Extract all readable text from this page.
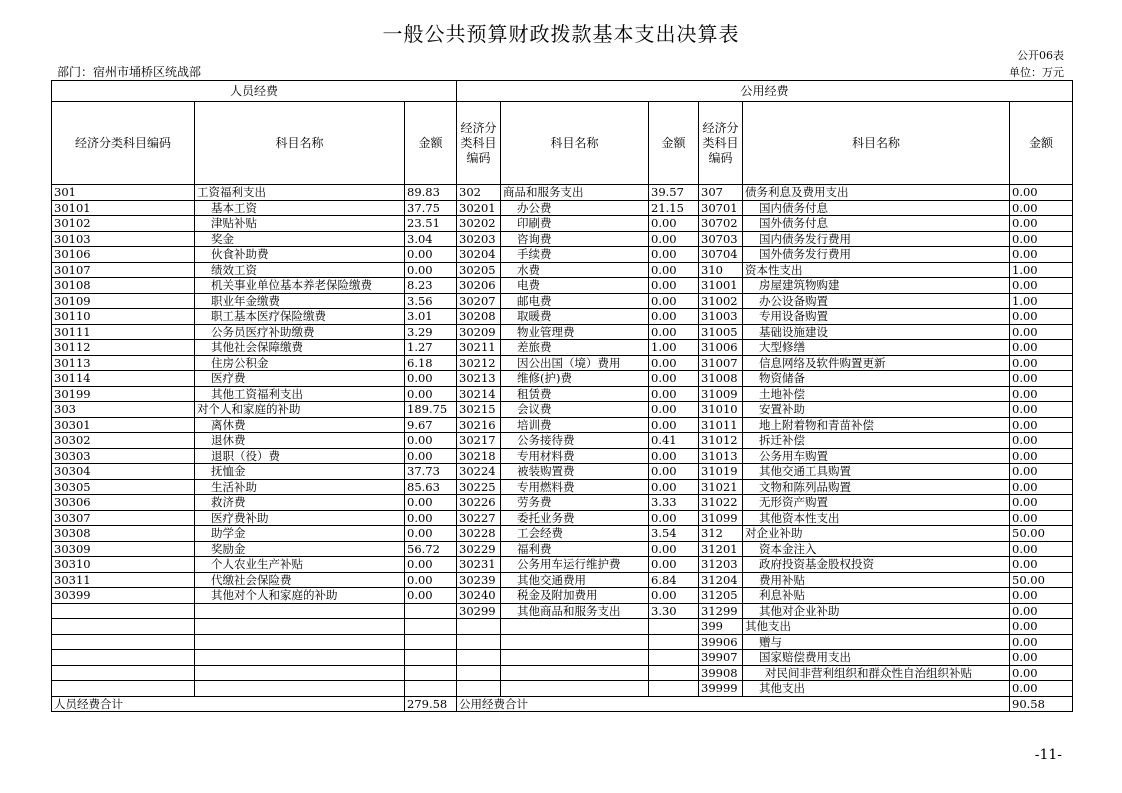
一般公共预算财政拨款基本支出决算表
公开06表
部门：宿州市埇桥区统战部	单位：万元
人员经费			公用经费					
经济分类科目编码	科目名称	金额	经济分类科目编码	科目名称	金额	经济分类科目编码	科目名称	金额
301	工资福利支出	89.83	302	商品和服务支出	39.57	307	债务利息及费用支出	0.00
30101	基本工资	37.75	30201	办公费	21.15	30701	国内债务付息	0.00
30102	津贴补贴	23.51	30202	印刷费	0.00	30702	国外债务付息	0.00
30103	奖金	3.04	30203	咨询费	0.00	30703	国内债务发行费用	0.00
30106	伙食补助费	0.00	30204	手续费	0.00	30704	国外债务发行费用	0.00
30107	绩效工资	0.00	30205	水费	0.00	310	资本性支出	1.00
30108	机关事业单位基本养老保险缴费	8.23	30206	电费	0.00	31001	房屋建筑物购建	0.00
30109	职业年金缴费	3.56	30207	邮电费	0.00	31002	办公设备购置	1.00
30110	职工基本医疗保险缴费	3.01	30208	取暖费	0.00	31003	专用设备购置	0.00
30111	公务员医疗补助缴费	3.29	30209	物业管理费	0.00	31005	基础设施建设	0.00
30112	其他社会保障缴费	1.27	30211	差旅费	1.00	31006	大型修缮	0.00
30113	住房公积金	6.18	30212	因公出国（境）费用	0.00	31007	信息网络及软件购置更新	0.00
30114	医疗费	0.00	30213	维修(护)费	0.00	31008	物资储备	0.00
30199	其他工资福利支出	0.00	30214	租赁费	0.00	31009	土地补偿	0.00
303	对个人和家庭的补助	189.75	30215	会议费	0.00	31010	安置补助	0.00
30301	离休费	9.67	30216	培训费	0.00	31011	地上附着物和青苗补偿	0.00
30302	退休费	0.00	30217	公务接待费	0.41	31012	拆迁补偿	0.00
30303	退职（役）费	0.00	30218	专用材料费	0.00	31013	公务用车购置	0.00
30304	抚恤金	37.73	30224	被装购置费	0.00	31019	其他交通工具购置	0.00
30305	生活补助	85.63	30225	专用燃料费	0.00	31021	文物和陈列品购置	0.00
30306	救济费	0.00	30226	劳务费	3.33	31022	无形资产购置	0.00
30307	医疗费补助	0.00	30227	委托业务费	0.00	31099	其他资本性支出	0.00
30308	助学金	0.00	30228	工会经费	3.54	312	对企业补助	50.00
30309	奖励金	56.72	30229	福利费	0.00	31201	资本金注入	0.00
30310	个人农业生产补贴	0.00	30231	公务用车运行维护费	0.00	31203	政府投资基金股权投资	0.00
30311	代缴社会保险费	0.00	30239	其他交通费用	6.84	31204	费用补贴	50.00
30399	其他对个人和家庭的补助	0.00	30240	税金及附加费用	0.00	31205	利息补贴	0.00
			30299	其他商品和服务支出	3.30	31299	其他对企业补助	0.00
						399	其他支出	0.00
						39906	赠与	0.00
						39907	国家赔偿费用支出	0.00
						39908	对民间非营利组织和群众性自治组织补贴	0.00
						39999	其他支出	0.00
人员经费合计		279.58	公用经费合计					90.58
-11-
